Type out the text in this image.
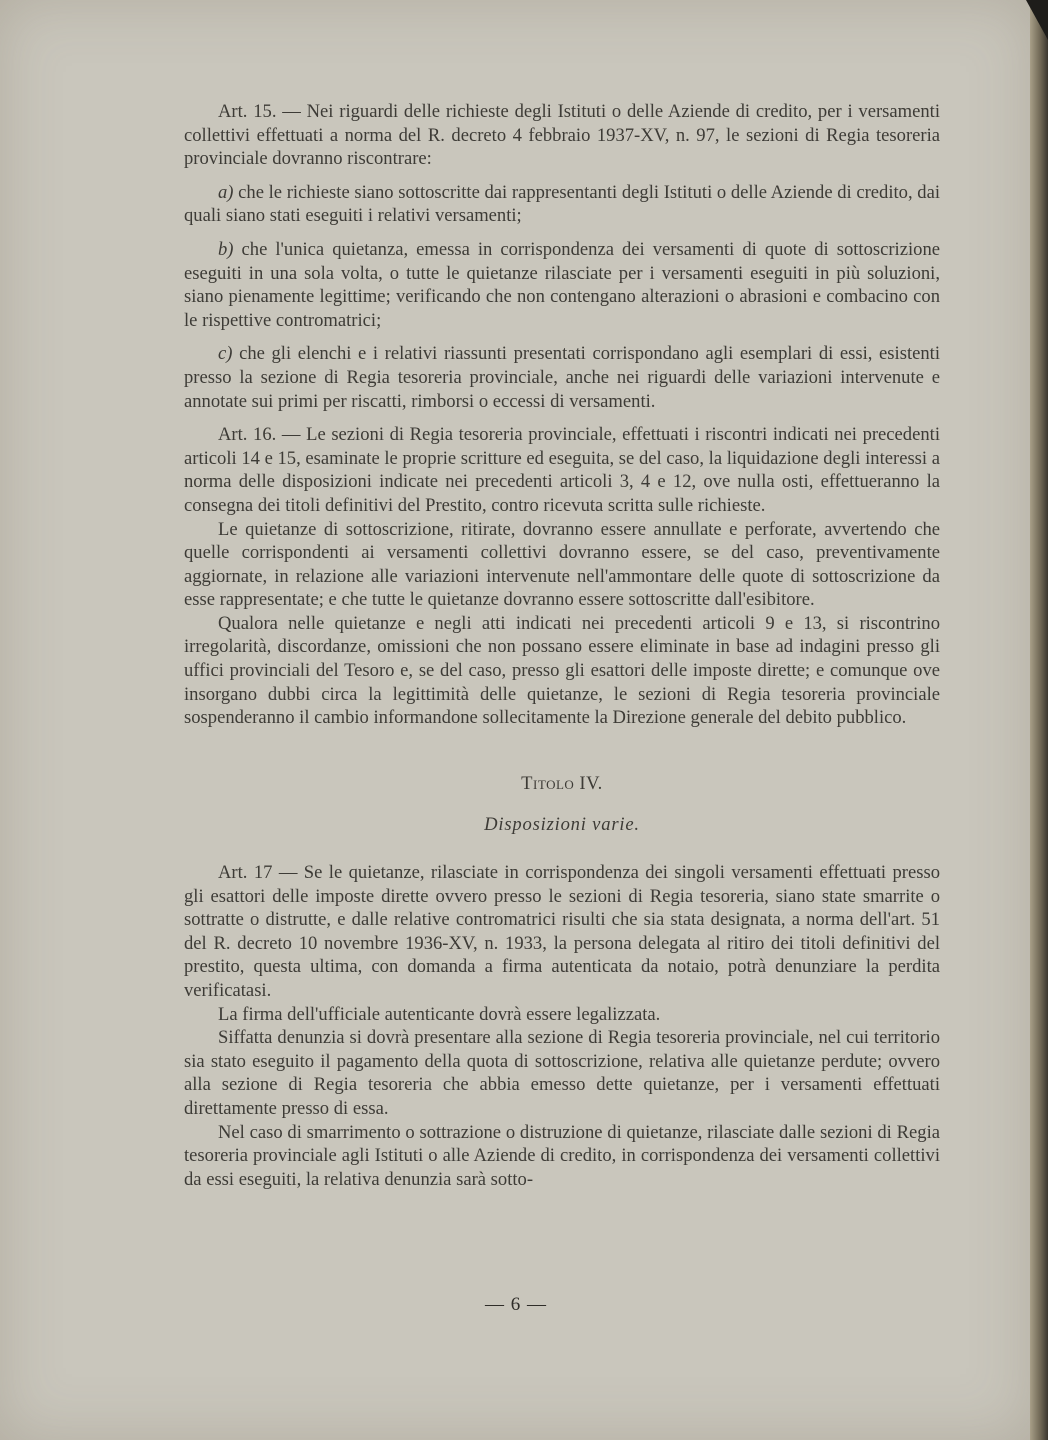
Art. 15. — Nei riguardi delle richieste degli Istituti o delle Aziende di credito, per i versamenti collettivi effettuati a norma del R. decreto 4 febbraio 1937-XV, n. 97, le sezioni di Regia tesoreria provinciale dovranno riscontrare:

a) che le richieste siano sottoscritte dai rappresentanti degli Istituti o delle Aziende di credito, dai quali siano stati eseguiti i relativi versamenti;

b) che l'unica quietanza, emessa in corrispondenza dei versamenti di quote di sottoscrizione eseguiti in una sola volta, o tutte le quietanze rilasciate per i versamenti eseguiti in più soluzioni, siano pienamente legittime; verificando che non contengano alterazioni o abrasioni e combacino con le rispettive contromatrici;

c) che gli elenchi e i relativi riassunti presentati corrispondano agli esemplari di essi, esistenti presso la sezione di Regia tesoreria provinciale, anche nei riguardi delle variazioni intervenute e annotate sui primi per riscatti, rimborsi o eccessi di versamenti.

Art. 16. — Le sezioni di Regia tesoreria provinciale, effettuati i riscontri indicati nei precedenti articoli 14 e 15, esaminate le proprie scritture ed eseguita, se del caso, la liquidazione degli interessi a norma delle disposizioni indicate nei precedenti articoli 3, 4 e 12, ove nulla osti, effettueranno la consegna dei titoli definitivi del Prestito, contro ricevuta scritta sulle richieste.

Le quietanze di sottoscrizione, ritirate, dovranno essere annullate e perforate, avvertendo che quelle corrispondenti ai versamenti collettivi dovranno essere, se del caso, preventivamente aggiornate, in relazione alle variazioni intervenute nell'ammontare delle quote di sottoscrizione da esse rappresentate; e che tutte le quietanze dovranno essere sottoscritte dall'esibitore.

Qualora nelle quietanze e negli atti indicati nei precedenti articoli 9 e 13, si riscontrino irregolarità, discordanze, omissioni che non possano essere eliminate in base ad indagini presso gli uffici provinciali del Tesoro e, se del caso, presso gli esattori delle imposte dirette; e comunque ove insorgano dubbi circa la legittimità delle quietanze, le sezioni di Regia tesoreria provinciale sospenderanno il cambio informandone sollecitamente la Direzione generale del debito pubblico.

Titolo IV.

Disposizioni varie.

Art. 17 — Se le quietanze, rilasciate in corrispondenza dei singoli versamenti effettuati presso gli esattori delle imposte dirette ovvero presso le sezioni di Regia tesoreria, siano state smarrite o sottratte o distrutte, e dalle relative contromatrici risulti che sia stata designata, a norma dell'art. 51 del R. decreto 10 novembre 1936-XV, n. 1933, la persona delegata al ritiro dei titoli definitivi del prestito, questa ultima, con domanda a firma autenticata da notaio, potrà denunziare la perdita verificatasi.

La firma dell'ufficiale autenticante dovrà essere legalizzata.

Siffatta denunzia si dovrà presentare alla sezione di Regia tesoreria provinciale, nel cui territorio sia stato eseguito il pagamento della quota di sottoscrizione, relativa alle quietanze perdute; ovvero alla sezione di Regia tesoreria che abbia emesso dette quietanze, per i versamenti effettuati direttamente presso di essa.

Nel caso di smarrimento o sottrazione o distruzione di quietanze, rilasciate dalle sezioni di Regia tesoreria provinciale agli Istituti o alle Aziende di credito, in corrispondenza dei versamenti collettivi da essi eseguiti, la relativa denunzia sarà sotto-

— 6 —
